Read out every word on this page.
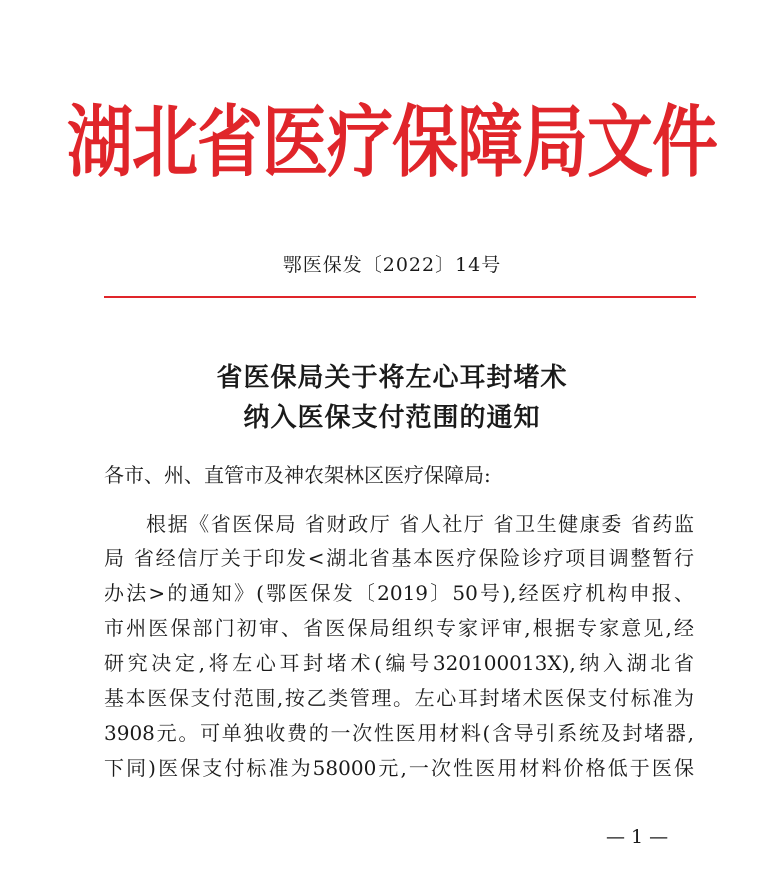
湖北省医疗保障局文件
鄂医保发〔2022〕14号
省医保局关于将左心耳封堵术
纳入医保支付范围的通知
各市、州、直管市及神农架林区医疗保障局:
根据《省医保局 省财政厅 省人社厅 省卫生健康委 省药监
局 省经信厅关于印发<湖北省基本医疗保险诊疗项目调整暂行
办法>的通知》(鄂医保发〔2019〕50号),经医疗机构申报、
市州医保部门初审、省医保局组织专家评审,根据专家意见,经
研究决定,将左心耳封堵术(编号320100013X),纳入湖北省
基本医保支付范围,按乙类管理。左心耳封堵术医保支付标准为
3908元。可单独收费的一次性医用材料(含导引系统及封堵器,
下同)医保支付标准为58000元,一次性医用材料价格低于医保
— 1 —
